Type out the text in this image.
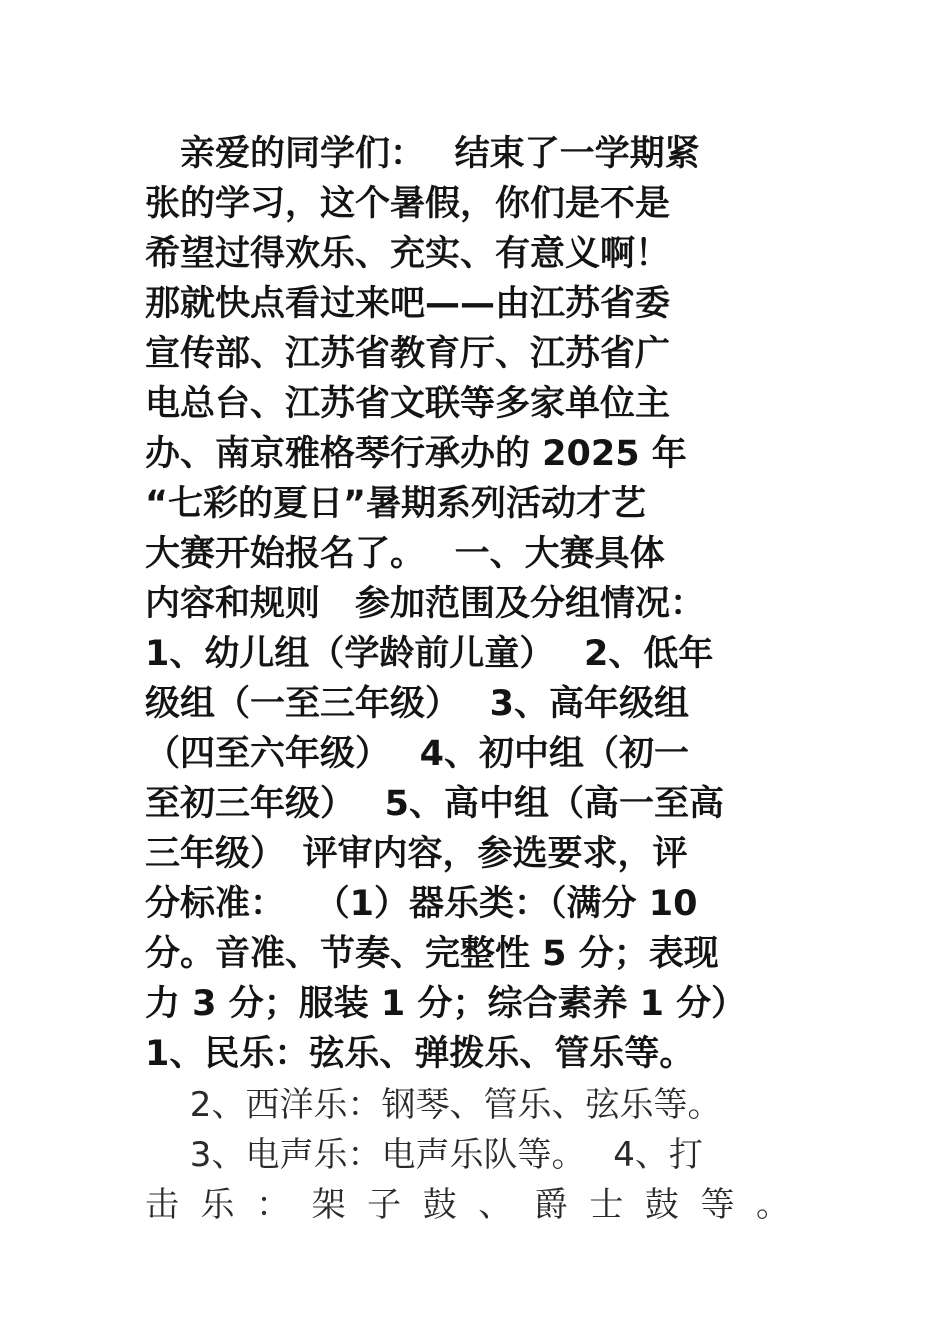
　亲爱的同学们：　 结束了一学期紧
张的学习，这个暑假，你们是不是
希望过得欢乐、充实、有意义啊！
那就快点看过来吧——由江苏省委
宣传部、江苏省教育厅、江苏省广
电总台、江苏省文联等多家单位主
办、南京雅格琴行承办的 2025 年
“七彩的夏日”暑期系列活动才艺
大赛开始报名了。　 一、大赛具体
内容和规则　参加范围及分组情况：
1、幼儿组（学龄前儿童）　 2、低年
级组（一至三年级）　 3、高年级组
（四至六年级）　 4、初中组（初一
至初三年级）　 5、高中组（高一至高
三年级）　评审内容，参选要求，评
分标准：　 （1）器乐类：（满分 10
分。音准、节奏、完整性 5 分；表现
力 3 分；服装 1 分；综合素养 1 分）
1、民乐：弦乐、弹拨乐、管乐等。
　 2、西洋乐：钢琴、管乐、弦乐等。
　 3、电声乐：电声乐队等。　 4、打
击乐：架子鼓、爵士鼓等。
